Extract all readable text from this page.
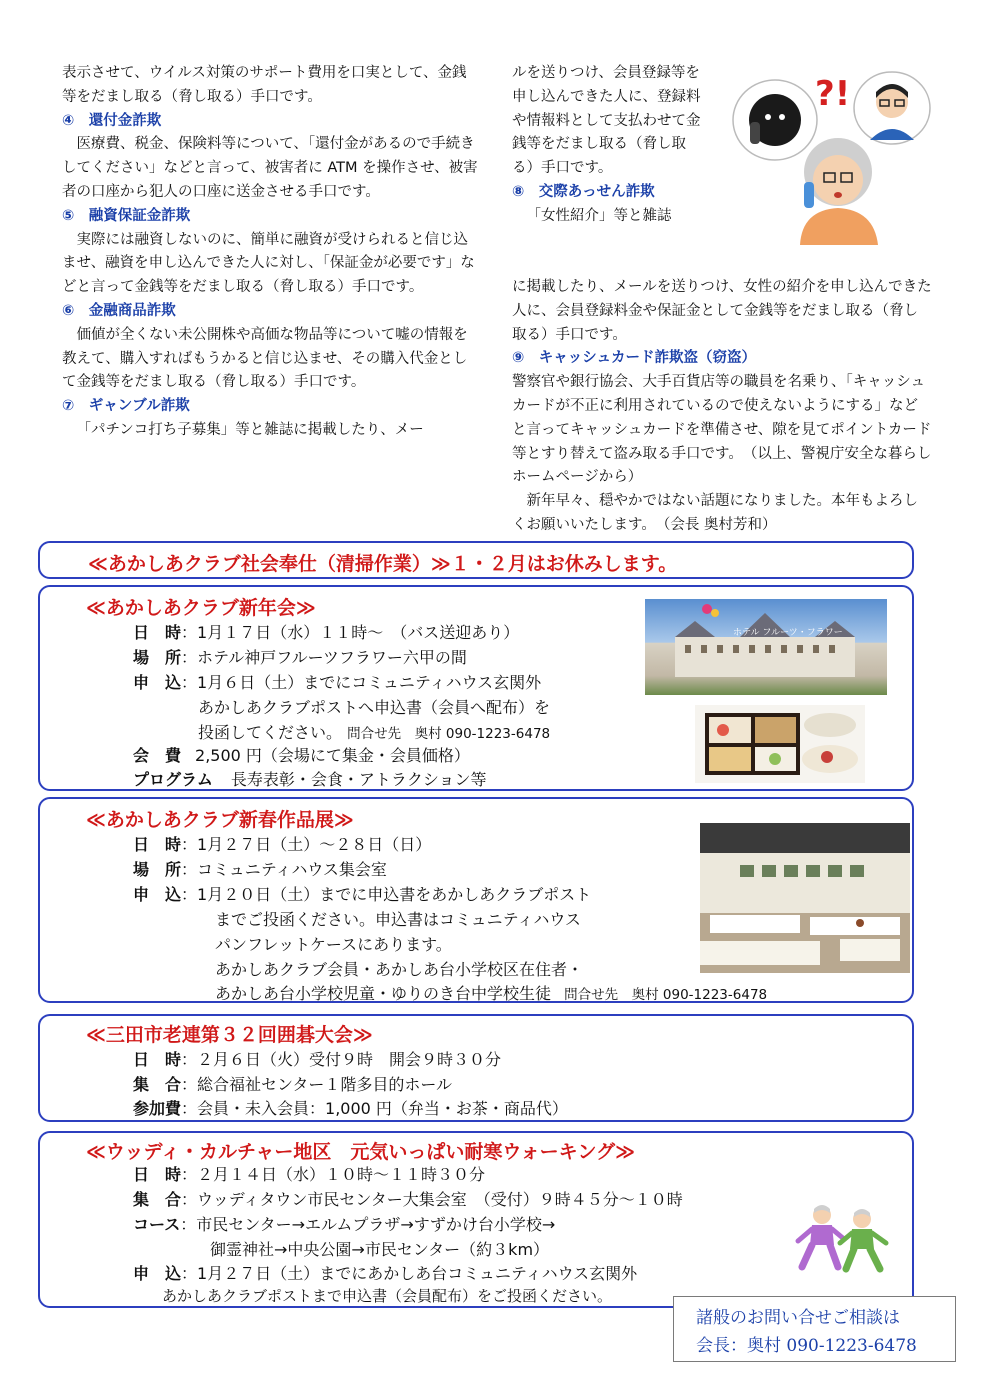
表示させて、ウイルス対策のサポート費用を口実として、金銭等をだまし取る（脅し取る）手口です。

④　還付金詐欺

医療費、税金、保険料等について、「還付金があるので手続きしてください」などと言って、被害者に ATM を操作させ、被害者の口座から犯人の口座に送金させる手口です。

⑤　融資保証金詐欺

実際には融資しないのに、簡単に融資が受けられると信じ込ませ、融資を申し込んできた人に対し、「保証金が必要です」などと言って金銭等をだまし取る（脅し取る）手口です。

⑥　金融商品詐欺

価値が全くない未公開株や高価な物品等について嘘の情報を教えて、購入すればもうかると信じ込ませ、その購入代金として金銭等をだまし取る（脅し取る）手口です。

⑦　ギャンブル詐欺

「パチンコ打ち子募集」等と雑誌に掲載したり、メー

ルを送りつけ、会員登録等を申し込んできた人に、登録料や情報料として支払わせて金銭等をだまし取る（脅し取る）手口です。

⑧　交際あっせん詐欺

「女性紹介」等と雑誌

に掲載したり、メールを送りつけ、女性の紹介を申し込んできた人に、会員登録料金や保証金として金銭等をだまし取る（脅し取る）手口です。

⑨　キャッシュカード詐欺盗（窃盗）

警察官や銀行協会、大手百貨店等の職員を名乗り、「キャッシュカードが不正に利用されているので使えないようにする」などと言ってキャッシュカードを準備させ、隙を見てポイントカード等とすり替えて盗み取る手口です。　（以上、警視庁安全な暮らしホームページから）

新年早々、穏やかではない話題になりました。本年もよろしくお願いいたします。　（会長 奥村芳和）

?!
≪あかしあクラブ社会奉仕（清掃作業）≫１・２月はお休みします。
≪あかしあクラブ新年会≫
日　時：1月１７日（水）１１時～　（バス送迎あり）
場　所：ホテル神戸フルーツフラワー六甲の間
申　込：1月６日（土）までにコミュニティハウス玄関外
あかしあクラブポストへ申込書（会員へ配布）を
投函してください。 問合せ先　奥村 090-1223-6478
会　費 2,500 円（会場にて集金・会員価格）
プログラム 長寿表彰・会食・アトラクション等
ホテル フルーツ・フラワー
≪あかしあクラブ新春作品展≫
日　時：1月２７日（土）～２８日（日）
場　所：コミュニティハウス集会室
申　込：1月２０日（土）までに申込書をあかしあクラブポスト
までご投函ください。申込書はコミュニティハウス
パンフレットケースにあります。
あかしあクラブ会員・あかしあ台小学校区在住者・
あかしあ台小学校児童・ゆりのき台中学校生徒 問合せ先　奥村 090-1223-6478
≪三田市老連第３２回囲碁大会≫
日　時：２月６日（火）受付９時　開会９時３０分
集　合：総合福祉センター１階多目的ホール
参加費：会員・未入会員：1,000 円（弁当・お茶・商品代）
≪ウッディ・カルチャー地区　元気いっぱい耐寒ウォーキング≫
日　時：２月１４日（水）１０時～１１時３０分
集　合：ウッディタウン市民センター大集会室　（受付）９時４５分～１０時
コース：市民センター→エルムプラザ→すずかけ台小学校→
御霊神社→中央公園→市民センター（約３km）
申　込：1月２７日（土）までにあかしあ台コミュニティハウス玄関外
あかしあクラブポストまで申込書（会員配布）をご投函ください。
諸般のお問い合せご相談は
会長：奥村 090-1223-6478
